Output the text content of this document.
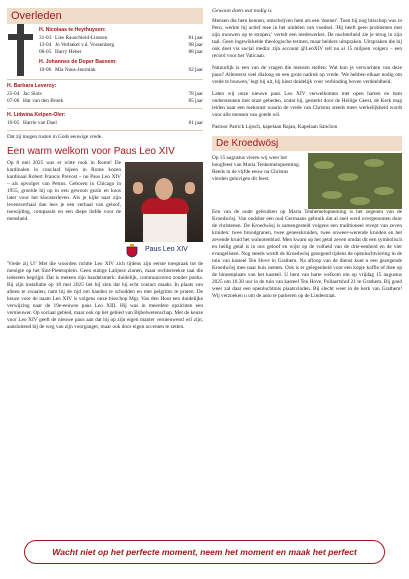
Overleden
H. Nicolaas te Heythuysen:
31-03 Lies Rauschleid-Linssen	81 jaar
13-04 Jo Verbakel v.d. Vossenberg	98 jaar
08-05 Harry Heber	88 jaar
H. Johannes de Doper Baexem:
10-06 Mia Naus-Jeurnink	92 jaar
H. Barbara Leveroy:
25-04 Jac Slots	78 jaar
07-06 Har van den Broek	85 jaar
H. Lidwina Kelpen-Oler:
16-05 Harrie van Dael	81 jaar
Dat zij mogen rusten in Gods eeuwige vrede.
Een warm welkom voor Paus Leo XIV
Op 8 mei 2025 was er witte rook in Rome! De kardinalen in conclaaf bijeen in Rome kozen kardinaal Robert Francis Prevost – nu Paus Leo XIV – als opvolger van Petrus. Geboren in Chicago in 1955, groeide hij op in een gewoon gezin en koos later voor het kloosterleven. Als je kijkt naar zijn levensverhaal dan lees je een verhaal van geloof, toewijding, compassie en een diepe liefde voor de mensheid.
Paus Leo XIV
'Vrede zij U!' Met die woorden richtte Leo XIV zich tijdens zijn eerste toespraak tot de menigte op het Sint-Pietersplein. Geen statige Latijnse zinnen, maar rechtstreekse taal die iedereen begrijpt. Dat is meteen zijn handelsmerk: duidelijk, communiceren zonder poeha. Bij zijn installatie op 18 mei 2025 liet hij zien dat hij echt contact maakt. In plaats van alleen te zwaaien, nam hij de tijd om handen te schudden en met pelgrims te praten. De keuze voor de naam Leo XIV is volgens onze bisschop Mgr. Van den Hout een duidelijke verwijzing naar de 19e-eeuwse paus Leo XIII. Hij was in meerdere opzichten een vernieuwer. Op sociaal gebied, maar ook op het gebied van Bijbelwetenschap. Met de keuze voor Leo XIV geeft de nieuwe paus aan dat hij op zijn eigen manier vernieuwend wil zijn, aansluitend bij de weg van zijn voorganger, maar ook door eigen accenten te zetten.
Gewoon doen wat nodig is
Mensen die hem kennen, omschrijven hem als een 'doener'. Toen hij nog bisschop was in Peru, werkte hij actief mee in het uitdelen van voedsel. 'Hij heeft geen problemen met zijn mouwen op te stropen,' vertelt een medewerker. De nuchterheid zie je terug in zijn taal. Geen ingewikkelde theologische termen, maar heldere uitspraken. Uitspraken die hij ook doet via social media: zijn account @LeoXIV telt nu al 15 miljoen volgers – een record voor het Vaticaan.
Natuurlijk is een van de vragen die mensen stellen: Wat kun je verwachten van deze paus? Allereerst veel dialoog en een grote nadruk op vrede. 'We hebben elkaar nodig om vrede te bouwen,' legt hij uit, hij kiest duidelijk voor verbinding boven verdeeldheid.
Laten wij onze nieuwe paus Leo XIV verwelkomen met open harten en hem ondersteunen met onze gebeden, zodat hij, gesterkt door de Heilige Geest, de Kerk mag leiden naar een toekomst waarin de vrede van Christus steeds meer werkelijkheid wordt voor alle mensen van goede wil.
Pastoor Patrick Lipsch, kapelaan Rajan, Kapelaan Sanchon
De Kroedwösj
Op 15 augustus vieren wij weer het hoogfeest van Maria Tenhemelopneming. Reeds in de vijfde eeuw na Christus vierden gelovigen dit feest.
Een van de oude gebruiken op Maria Tenhemelopneming is het zegenen van de Kroedwösj. Van oudsher een oud Germaans gebruik dat al snel werd overgenomen door de christenen. De Kroedwösj is samengesteld volgens een traditioneel recept van zeven kruiden: twee broodgranen, twee geneeskruiden, twee onweer-werende kruiden en het zevende kruid het walnotenblad. Men kwam op het getal zeven omdat dit een symbolisch en heilig getal is in ons geloof en wijst op de volheid van de drie-eenheid en de vier evangelisten. Nog steeds wordt de Kroedwösj gezegend tijdens de openluchtviering in de tuin van kasteel Ten Hove in Grathem. Na afloop van de dienst kunt u een gezegende Kroedwösj mee naar huis nemen. Ook is er gelegenheid voor een kopje koffie of thee op de binnenplaats van het kasteel. U bent van harte welkom om op vrijdag 15 augustus 2025 om 10.30 uur in de tuin van kasteel Ten Hove, Pollaertshof 21 te Grathem. Bij goed weer zal daar een openluchtmis plaatsvinden. Bij slecht weer in de kerk van Grathem! Wij verzoeken u om de auto te parkeren op de Lindestraat.
Wacht niet op het perfecte moment, neem het moment en maak het perfect
